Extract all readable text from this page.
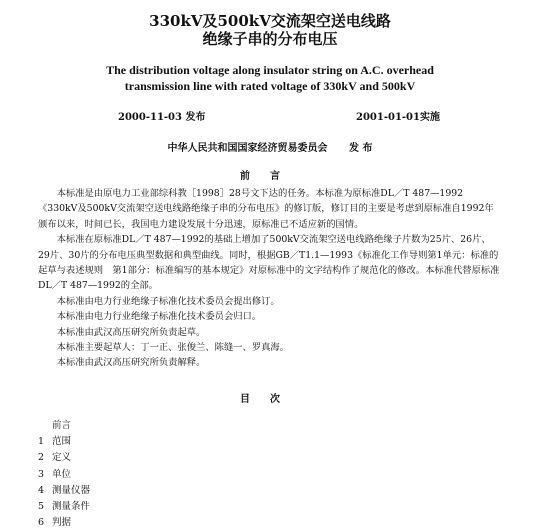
330kV及500kV交流架空送电线路
绝缘子串的分布电压
The distribution voltage along insulator string on A.C. overhead
transmission line with rated voltage of 330kV and 500kV
2000-11-03 发布	2001-01-01实施
中华人民共和国国家经济贸易委员会 发 布
前言

本标准是由原电力工业部综科教［1998］28号文下达的任务。本标准为原标准DL／T 487—1992《330kV及500kV交流架空送电线路绝缘子串的分布电压》的修订版，修订目的主要是考虑到原标准自1992年颁布以来，时间已长，我国电力建设发展十分迅速，原标准已不适应新的国情。

本标准在原标准DL／T 487—1992的基础上增加了500kV交流架空送电线路绝缘子片数为25片、26片、29片、30片的分布电压典型数据和典型曲线。同时，根据GB／T1.1—1993《标准化工作导则第1单元：标准的起草与表述规则　第1部分：标准编写的基本规定》对原标准中的文字结构作了规范化的修改。本标准代替原标准DL／T 487—1992的全部。

本标准由电力行业绝缘子标准化技术委员会提出修订。

本标准由电力行业绝缘子标准化技术委员会归口。

本标准由武汉高压研究所负责起草。

本标准主要起草人：丁一正、张俊兰、陈缝一、罗真海。

本标准由武汉高压研究所负责解释。

目次
前言
1 范围
2 定义
3 单位
4 测量仪器
5 测量条件
6 判据
